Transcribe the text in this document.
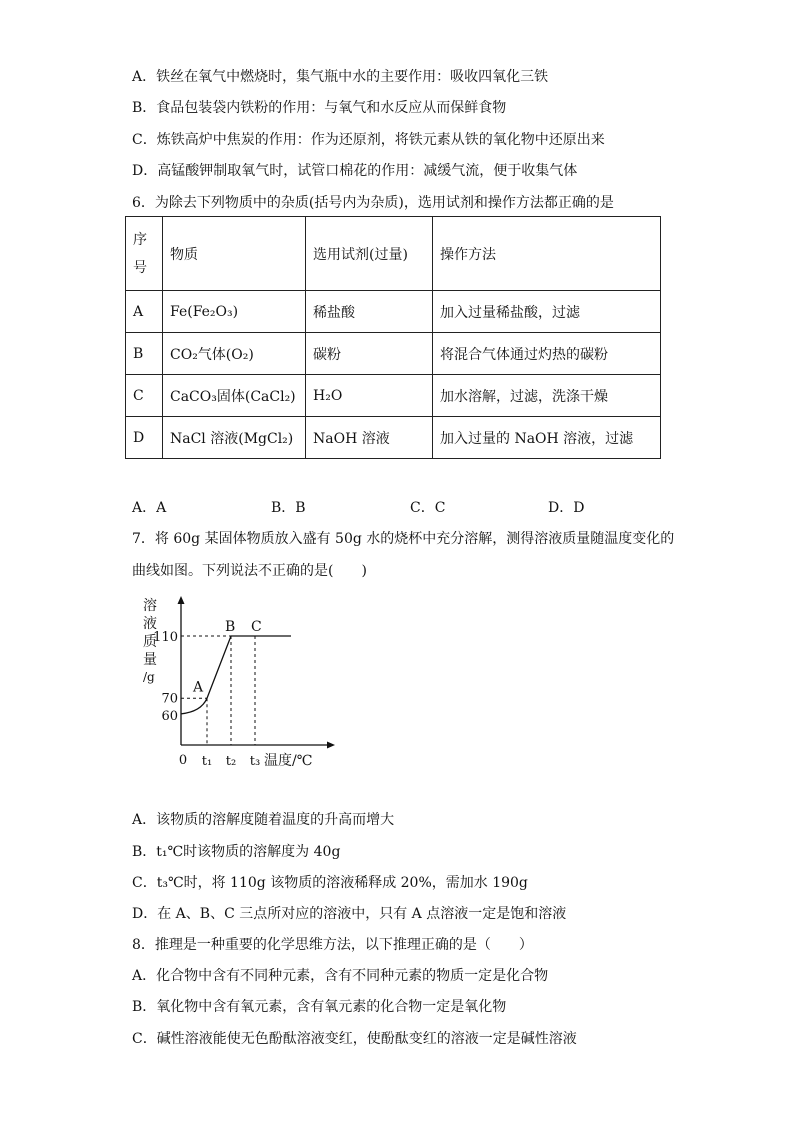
A．铁丝在氧气中燃烧时，集气瓶中水的主要作用：吸收四氧化三铁
B．食品包装袋内铁粉的作用：与氧气和水反应从而保鲜食物
C．炼铁高炉中焦炭的作用：作为还原剂，将铁元素从铁的氧化物中还原出来
D．高锰酸钾制取氧气时，试管口棉花的作用：减缓气流，便于收集气体
6．为除去下列物质中的杂质(括号内为杂质)，选用试剂和操作方法都正确的是
序号	物质	选用试剂(过量)	操作方法
A	Fe(Fe₂O₃)	稀盐酸	加入过量稀盐酸，过滤
B	CO₂气体(O₂)	碳粉	将混合气体通过灼热的碳粉
C	CaCO₃固体(CaCl₂)	H₂O	加水溶解，过滤，洗涤干燥
D	NaCl 溶液(MgCl₂)	NaOH 溶液	加入过量的 NaOH 溶液，过滤
A．A	B．B	C．C	D．D
7．将 60g 某固体物质放入盛有 50g 水的烧杯中充分溶解，测得溶液质量随温度变化的
曲线如图。下列说法不正确的是(　　)
溶
液
质
量
/g
110
70
60
0 t₁ t₂ t₃ 温度/℃
A
B C
A．该物质的溶解度随着温度的升高而增大
B．t₁℃时该物质的溶解度为 40g
C．t₃℃时，将 110g 该物质的溶液稀释成 20%，需加水 190g
D．在 A、B、C 三点所对应的溶液中，只有 A 点溶液一定是饱和溶液
8．推理是一种重要的化学思维方法，以下推理正确的是（　　）
A．化合物中含有不同种元素，含有不同种元素的物质一定是化合物
B．氧化物中含有氧元素，含有氧元素的化合物一定是氧化物
C．碱性溶液能使无色酚酞溶液变红，使酚酞变红的溶液一定是碱性溶液
